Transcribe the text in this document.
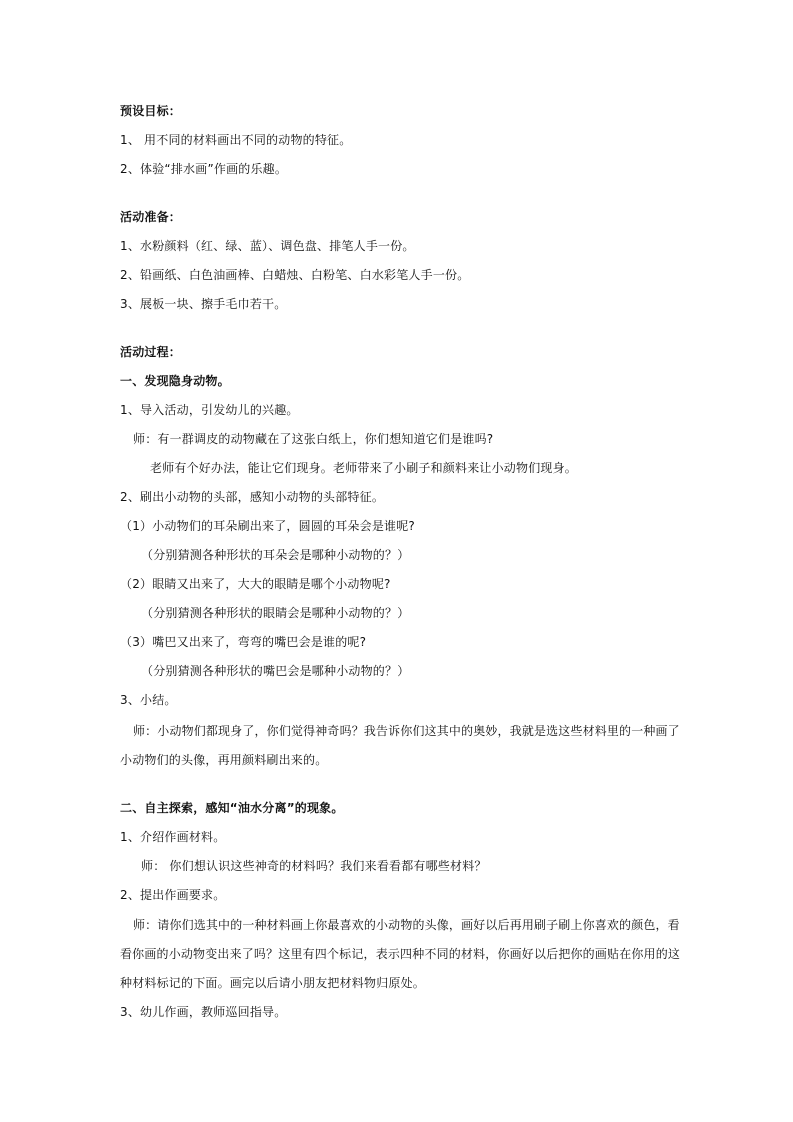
预设目标：
1、 用不同的材料画出不同的动物的特征。
2、体验“排水画”作画的乐趣。
活动准备：
1、水粉颜料（红、绿、蓝）、调色盘、排笔人手一份。
2、铅画纸、白色油画棒、白蜡烛、白粉笔、白水彩笔人手一份。
3、展板一块、擦手毛巾若干。
活动过程：
一、发现隐身动物。
1、导入活动，引发幼儿的兴趣。
师：有一群调皮的动物藏在了这张白纸上，你们想知道它们是谁吗?
老师有个好办法，能让它们现身。老师带来了小刷子和颜料来让小动物们现身。
2、刷出小动物的头部，感知小动物的头部特征。
（1）小动物们的耳朵刷出来了，圆圆的耳朵会是谁呢?
（分别猜测各种形状的耳朵会是哪种小动物的？）
（2）眼睛又出来了，大大的眼睛是哪个小动物呢?
（分别猜测各种形状的眼睛会是哪种小动物的？）
（3）嘴巴又出来了，弯弯的嘴巴会是谁的呢?
（分别猜测各种形状的嘴巴会是哪种小动物的？）
3、小结。
师：小动物们都现身了，你们觉得神奇吗？我告诉你们这其中的奥妙，我就是选这些材料里的一种画了
小动物们的头像，再用颜料刷出来的。
二、自主探索，感知“油水分离”的现象。
1、介绍作画材料。
师： 你们想认识这些神奇的材料吗？我们来看看都有哪些材料？
2、提出作画要求。
师：请你们选其中的一种材料画上你最喜欢的小动物的头像，画好以后再用刷子刷上你喜欢的颜色，看
看你画的小动物变出来了吗？这里有四个标记，表示四种不同的材料，你画好以后把你的画贴在你用的这
种材料标记的下面。画完以后请小朋友把材料物归原处。
3、幼儿作画，教师巡回指导。
